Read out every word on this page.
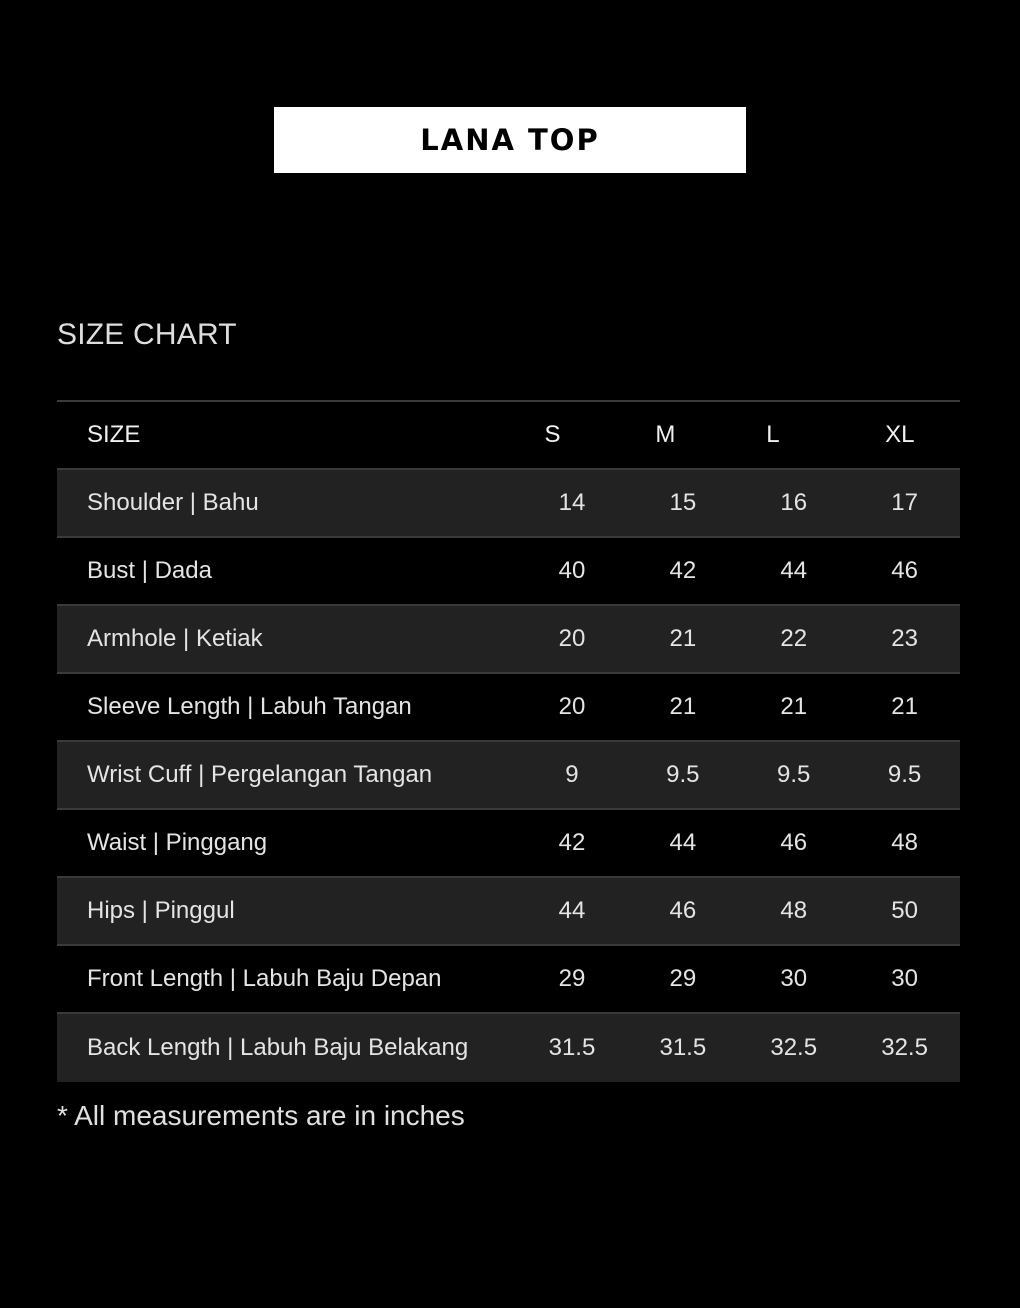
LANA TOP
SIZE CHART
SIZE	S	M	L	XL
Shoulder | Bahu	14	15	16	17
Bust | Dada	40	42	44	46
Armhole | Ketiak	20	21	22	23
Sleeve Length | Labuh Tangan	20	21	21	21
Wrist Cuff | Pergelangan Tangan	9	9.5	9.5	9.5
Waist | Pinggang	42	44	46	48
Hips | Pinggul	44	46	48	50
Front Length | Labuh Baju Depan	29	29	30	30
Back Length | Labuh Baju Belakang	31.5	31.5	32.5	32.5
* All measurements are in inches
